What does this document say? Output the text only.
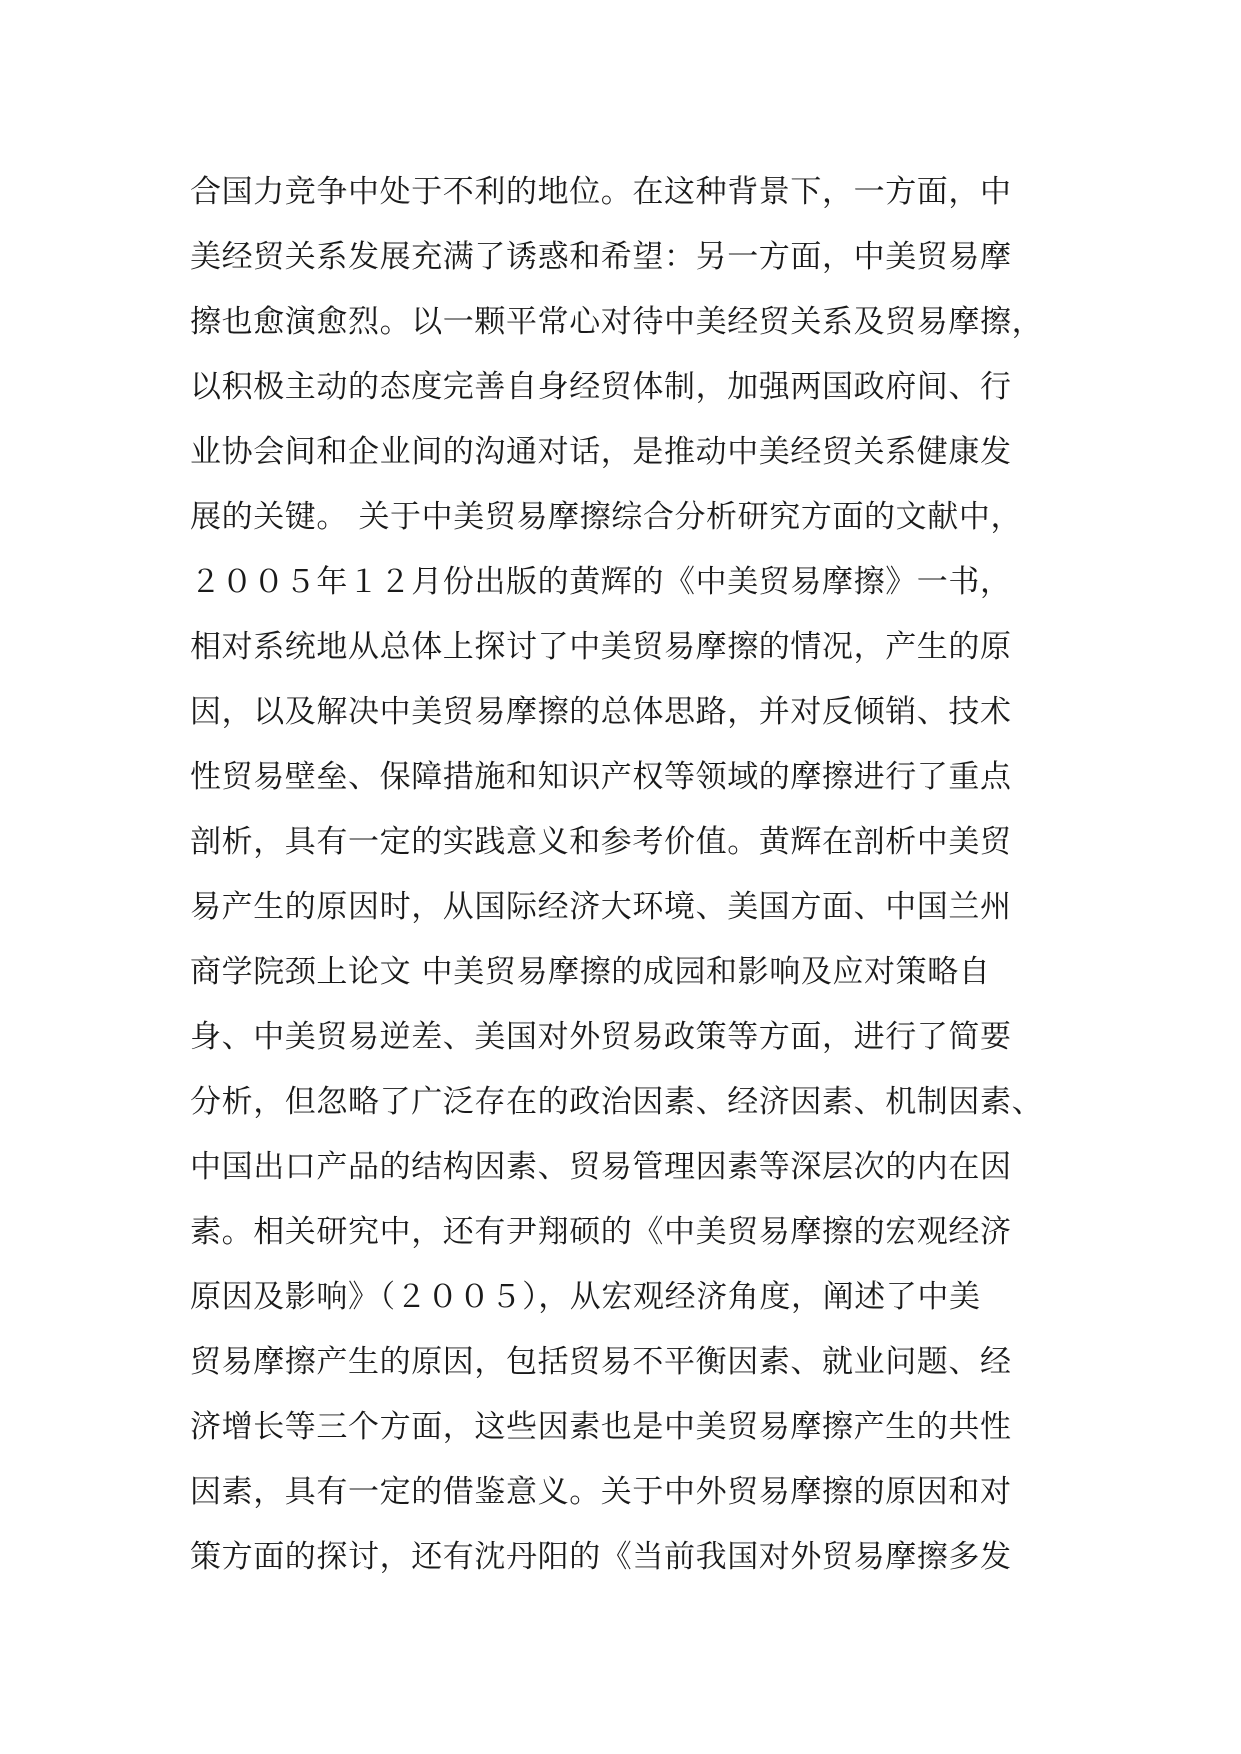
合国力竞争中处于不利的地位。在这种背景下，一方面，中
美经贸关系发展充满了诱惑和希望：另一方面，中美贸易摩
擦也愈演愈烈。以一颗平常心对待中美经贸关系及贸易摩擦，
以积极主动的态度完善自身经贸体制，加强两国政府间、行
业协会间和企业间的沟通对话，是推动中美经贸关系健康发
展的关键。 关于中美贸易摩擦综合分析研究方面的文献中，
２００５年１２月份出版的黄辉的《中美贸易摩擦》一书，
相对系统地从总体上探讨了中美贸易摩擦的情况，产生的原
因，以及解决中美贸易摩擦的总体思路，并对反倾销、技术
性贸易壁垒、保障措施和知识产权等领域的摩擦进行了重点
剖析，具有一定的实践意义和参考价值。黄辉在剖析中美贸
易产生的原因时，从国际经济大环境、美国方面、中国兰州
商学院颈上论文 中美贸易摩擦的成园和影响及应对策略自
身、中美贸易逆差、美国对外贸易政策等方面，进行了简要
分析，但忽略了广泛存在的政治因素、经济因素、机制因素、
中国出口产品的结构因素、贸易管理因素等深层次的内在因
素。相关研究中，还有尹翔硕的《中美贸易摩擦的宏观经济
原因及影响》（２００５），从宏观经济角度，阐述了中美
贸易摩擦产生的原因，包括贸易不平衡因素、就业问题、经
济增长等三个方面，这些因素也是中美贸易摩擦产生的共性
因素，具有一定的借鉴意义。关于中外贸易摩擦的原因和对
策方面的探讨，还有沈丹阳的《当前我国对外贸易摩擦多发
